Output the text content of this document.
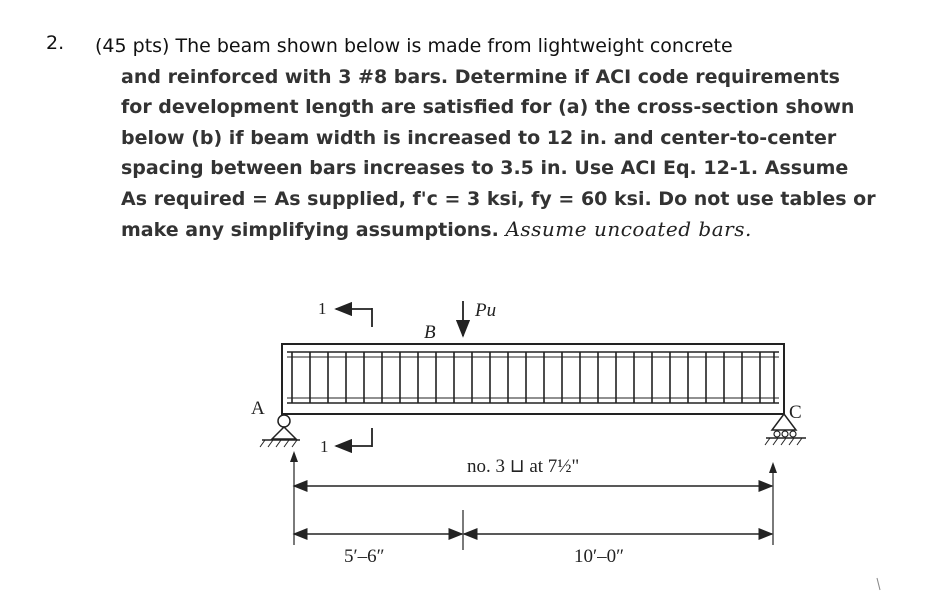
2. (45 pts) The beam shown below is made from lightweight concrete
and reinforced with 3 #8 bars. Determine if ACI code requirements
for development length are satisfied for (a) the cross-section shown
below (b) if beam width is increased to 12 in. and center-to-center
spacing between bars increases to 3.5 in. Use ACI Eq. 12-1. Assume
As required = As supplied, f'c = 3 ksi, fy = 60 ksi. Do not use tables or
make any simplifying assumptions. Assume uncoated bars.
A
B
C
Pu
1
1
no. 3 ⊔ at 7½"
5′–6″	10′–0″
